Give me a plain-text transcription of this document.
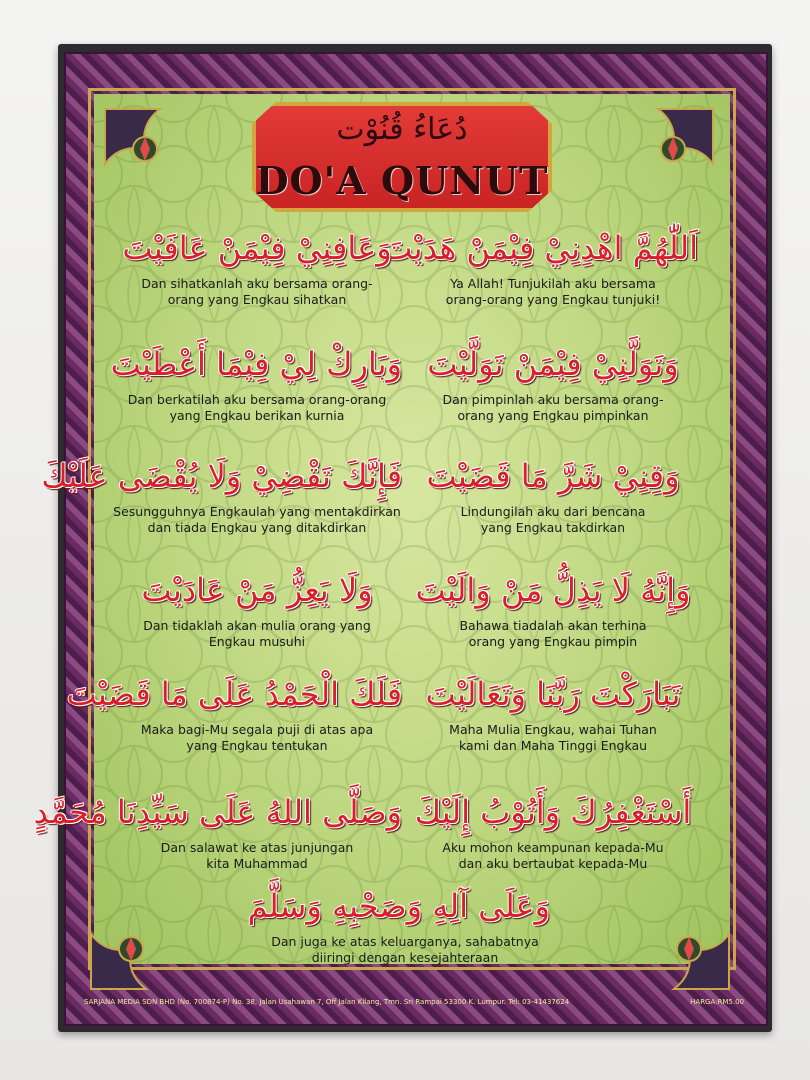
دُعَاءُ قُنُوْت
DO'A QUNUT
اَللّٰهُمَّ اهْدِنِيْ فِيْمَنْ هَدَيْتَ
Ya Allah! Tunjukilah aku bersama
orang-orang yang Engkau tunjuki!
وَعَافِنِيْ فِيْمَنْ عَافَيْتَ
Dan sihatkanlah aku bersama orang-
orang yang Engkau sihatkan
وَتَوَلَّنِيْ فِيْمَنْ تَوَلَّيْتَ
Dan pimpinlah aku bersama orang-
orang yang Engkau pimpinkan
وَبَارِكْ لِيْ فِيْمَا أَعْطَيْتَ
Dan berkatilah aku bersama orang-orang
yang Engkau berikan kurnia
وَقِنِيْ شَرَّ مَا قَضَيْتَ
Lindungilah aku dari bencana
yang Engkau takdirkan
فَإِنَّكَ تَقْضِيْ وَلَا يُقْضَى عَلَيْكَ
Sesungguhnya Engkaulah yang mentakdirkan
dan tiada Engkau yang ditakdirkan
وَإِنَّهُ لَا يَذِلُّ مَنْ وَالَيْتَ
Bahawa tiadalah akan terhina
orang yang Engkau pimpin
وَلَا يَعِزُّ مَنْ عَادَيْتَ
Dan tidaklah akan mulia orang yang
Engkau musuhi
تَبَارَكْتَ رَبَّنَا وَتَعَالَيْتَ
Maha Mulia Engkau, wahai Tuhan
kami dan Maha Tinggi Engkau
فَلَكَ الْحَمْدُ عَلَى مَا قَضَيْتَ
Maka bagi-Mu segala puji di atas apa
yang Engkau tentukan
أَسْتَغْفِرُكَ وَأَتُوْبُ إِلَيْكَ
Aku mohon keampunan kepada-Mu
dan aku bertaubat kepada-Mu
وَصَلَّى اللهُ عَلَى سَيِّدِنَا مُحَمَّدٍ
Dan salawat ke atas junjungan
kita Muhammad
وَعَلَى آلِهِ وَصَحْبِهِ وَسَلَّمَ
Dan juga ke atas keluarganya, sahabatnya
diiringi dengan kesejahteraan
SARJANA MEDIA SDN BHD (No. 700874-P) No. 38, Jalan Usahawan 7, Off Jalan Kilang, Tmn. Sri Rampai 53300 K. Lumpur. Tel: 03-41437624	HARGA:RM5.00
